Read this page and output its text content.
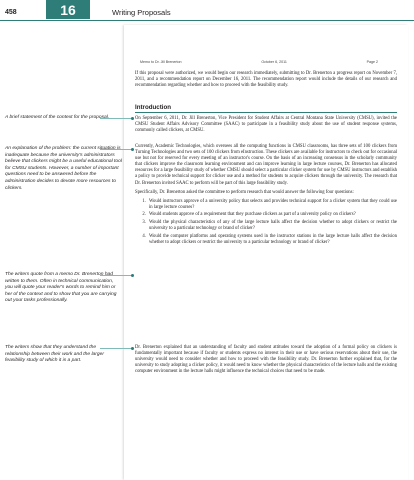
458	16	Writing Proposals
Memo to Dr. Jill Brenerton	October 6, 2011	Page 2

If this proposal were authorized, we would begin our research immediately, submitting to Dr. Brenerton a progress report on November 7, 2011, and a recommendation report on December 16, 2011. The recommendation report would include the details of our research and recommendation regarding whether and how to proceed with the feasibility study.

Introduction

On September 6, 2011, Dr. Jill Brenerton, Vice President for Student Affairs at Central Montana State University (CMSU), invited the CMSU Student Affairs Advisory Committee (SAAC) to participate in a feasibility study about the use of student response systems, commonly called clickers, at CMSU.

Currently, Academic Technologies, which oversees all the computing functions in CMSU classrooms, has three sets of 100 clickers from Turning Technologies and two sets of 100 clickers from eInstruction. These clickers are available for instructors to check out for occasional use but not for reserved for every meeting of an instructor's course. On the basis of an increasing consensus in the scholarly community that clickers improve the classroom learning environment and can improve learning in large lecture courses, Dr. Brenerton has allocated resources for a large feasibility study of whether CMSU should select a particular clicker system for use by CMSU instructors and establish a policy to provide technical support for clicker use and a method for students to acquire clickers through the university. The research that Dr. Brenerton invited SAAC to perform will be part of this large feasibility study.

Specifically, Dr. Brenerton asked the committee to perform research that would answer the following four questions:

1. Would instructors approve of a university policy that selects and provides technical support for a clicker system that they could use in large lecture courses?
2. Would students approve of a requirement that they purchase clickers as part of a university policy on clickers?
3. Would the physical characteristics of any of the large lecture halls affect the decision whether to adopt clickers or restrict the university to a particular technology or brand of clicker?
4. Would the computer platforms and operating systems used in the instructor stations in the large lecture halls affect the decision whether to adopt clickers or restrict the university to a particular technology or brand of clicker?

Dr. Brenerton explained that an understanding of faculty and student attitudes toward the adoption of a formal policy on clickers is fundamentally important because if faculty or students express no interest in their use or have serious reservations about their use, the university would need to consider whether and how to proceed with the feasibility study. Dr. Brenerton further explained that, for the university to study adopting a clicker policy, it would need to know whether the physical characteristics of the lecture halls and the existing computer environment in the lecture halls might influence the technical choices that need to be made.

A brief statement of the context for the proposal.
An explanation of the problem: the current situation is inadequate because the university's administrators believe that clickers might be a useful educational tool for CMSU students. However, a number of important questions need to be answered before the administration decides to devote more resources to clickers.
The writers quote from a memo Dr. Brenerton had written to them. Often in technical communication, you will quote your reader's words to remind him or her of the context and to show that you are carrying out your tasks professionally.
The writers show that they understand the relationship between their work and the larger feasibility study of which it is a part.
